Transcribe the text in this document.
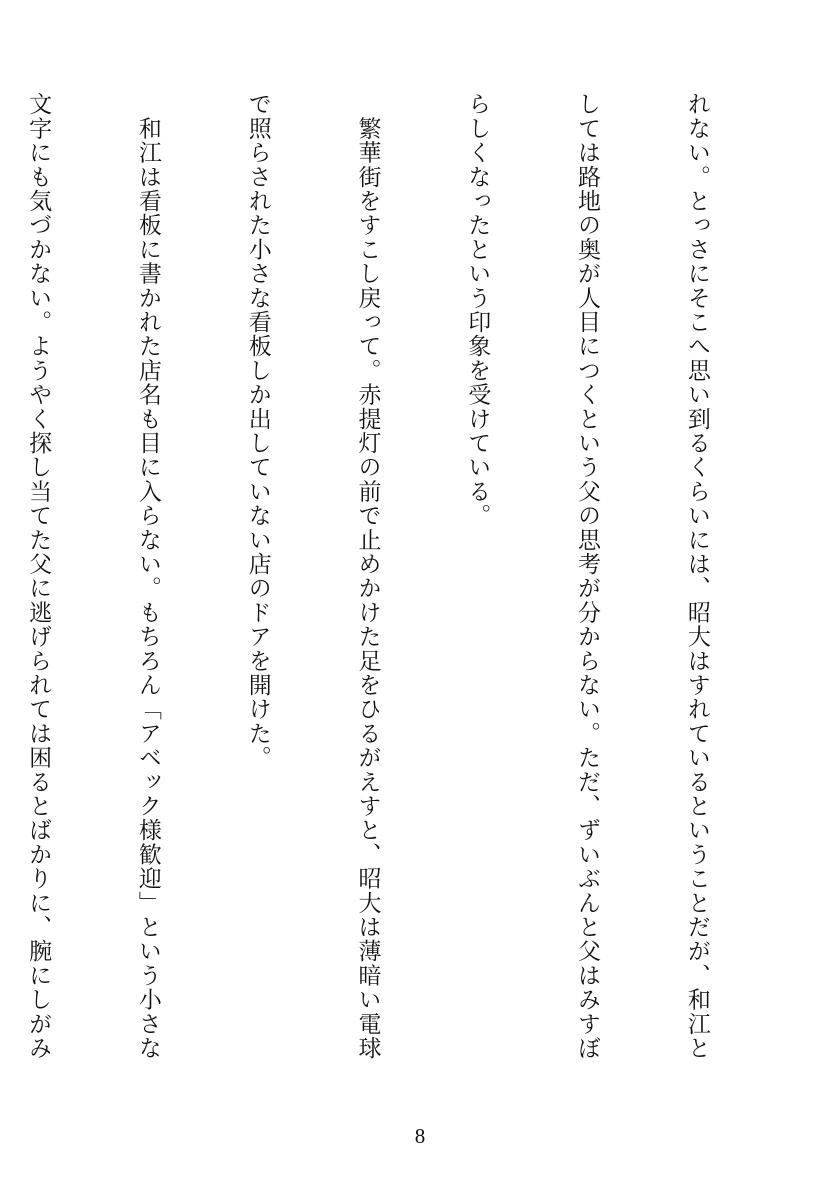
れない。とっさにそこへ思い到るくらいには、昭大はすれているということだが、和江と

しては路地の奥が人目につくという父の思考が分からない。ただ、ずいぶんと父はみすぼ

らしくなったという印象を受けている。

　繁華街をすこし戻って。赤提灯の前で止めかけた足をひるがえすと、昭大は薄暗い電球

で照らされた小さな看板しか出していない店のドアを開けた。

　和江は看板に書かれた店名も目に入らない。もちろん「アベック様歓迎」という小さな

文字にも気づかない。ようやく探し当てた父に逃げられては困るとばかりに、腕にしがみ

8
